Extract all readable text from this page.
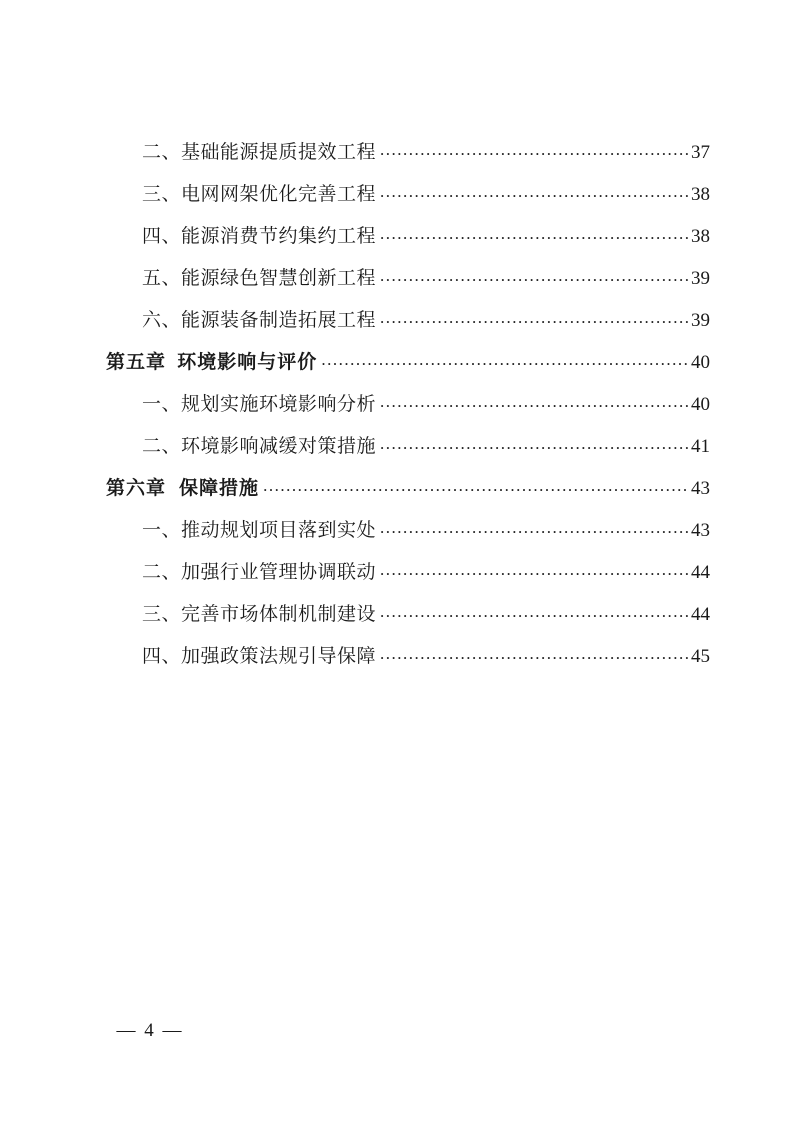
二、 基础能源提质提效工程 .....	37
三、 电网网架优化完善工程 .....	38
四、 能源消费节约集约工程 .....	38
五、 能源绿色智慧创新工程 .....	39
六、 能源装备制造拓展工程 .....	39
第五章 环境影响与评价 .....	40
一、 规划实施环境影响分析 .....	40
二、 环境影响减缓对策措施 .....	41
第六章 保障措施 .....	43
一、 推动规划项目落到实处 .....	43
二、 加强行业管理协调联动 .....	44
三、 完善市场体制机制建设 .....	44
四、 加强政策法规引导保障 .....	45
— 4 —
